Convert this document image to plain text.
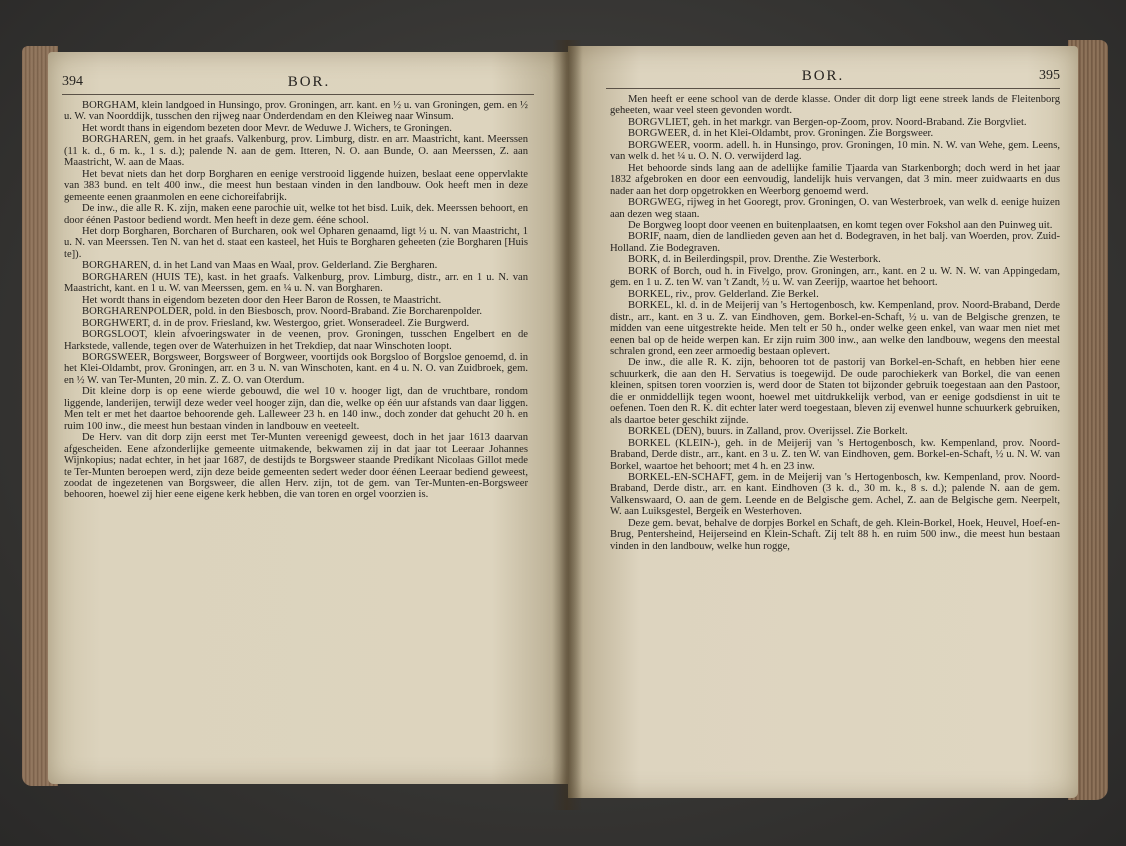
394	BOR.

BORGHAM, klein landgoed in Hunsingo, prov. Groningen, arr. kant. en ½ u. van Groningen, gem. en ½ u. W. van Noorddijk, tusschen den rijweg naar Onderdendam en den Kleiweg naar Winsum.

Het wordt thans in eigendom bezeten door Mevr. de Weduwe J. Wichers, te Groningen.

BORGHAREN, gem. in het graafs. Valkenburg, prov. Limburg, distr. en arr. Maastricht, kant. Meerssen (11 k. d., 6 m. k., 1 s. d.); palende N. aan de gem. Itteren, N. O. aan Bunde, O. aan Meerssen, Z. aan Maastricht, W. aan de Maas.

Het bevat niets dan het dorp Borgharen en eenige verstrooid liggende huizen, beslaat eene oppervlakte van 383 bund. en telt 400 inw., die meest hun bestaan vinden in den landbouw. Ook heeft men in deze gemeente eenen graanmolen en eene cichoreifabrijk.

De inw., die alle R. K. zijn, maken eene parochie uit, welke tot het bisd. Luik, dek. Meerssen behoort, en door éénen Pastoor bediend wordt. Men heeft in deze gem. ééne school.

Het dorp Borgharen, Borcharen of Burcharen, ook wel Opharen genaamd, ligt ½ u. N. van Maastricht, 1 u. N. van Meerssen. Ten N. van het d. staat een kasteel, het Huis te Borgharen geheeten (zie Borgharen [Huis te]).

BORGHAREN, d. in het Land van Maas en Waal, prov. Gelderland. Zie Bergharen.

BORGHAREN (HUIS TE), kast. in het graafs. Valkenburg, prov. Limburg, distr., arr. en 1 u. N. van Maastricht, kant. en 1 u. W. van Meerssen, gem. en ¼ u. N. van Borgharen.

Het wordt thans in eigendom bezeten door den Heer Baron de Rossen, te Maastricht.

BORGHARENPOLDER, pold. in den Biesbosch, prov. Noord-Braband. Zie Borcharenpolder.

BORGHWERT, d. in de prov. Friesland, kw. Westergoo, griet. Wonseradeel. Zie Burgwerd.

BORGSLOOT, klein afvoeringswater in de veenen, prov. Groningen, tusschen Engelbert en de Harkstede, vallende, tegen over de Waterhuizen in het Trekdiep, dat naar Winschoten loopt.

BORGSWEER, Borgsweer, Borgsweer of Borgweer, voortijds ook Borgsloo of Borgsloe genoemd, d. in het Klei-Oldambt, prov. Groningen, arr. en 3 u. N. van Winschoten, kant. en 4 u. N. O. van Zuidbroek, gem. en ½ W. van Ter-Munten, 20 min. Z. Z. O. van Oterdum.

Dit kleine dorp is op eene wierde gebouwd, die wel 10 v. hooger ligt, dan de vruchtbare, rondom liggende, landerijen, terwijl deze weder veel hooger zijn, dan die, welke op één uur afstands van daar liggen. Men telt er met het daartoe behoorende geh. Lalleweer 23 h. en 140 inw., doch zonder dat gehucht 20 h. en ruim 100 inw., die meest hun bestaan vinden in landbouw en veeteelt.

De Herv. van dit dorp zijn eerst met Ter-Munten vereenigd geweest, doch in het jaar 1613 daarvan afgescheiden. Eene afzonderlijke gemeente uitmakende, bekwamen zij in dat jaar tot Leeraar Johannes Wijnkopius; nadat echter, in het jaar 1687, de destijds te Borgsweer staande Predikant Nicolaas Gillot mede te Ter-Munten beroepen werd, zijn deze beide gemeenten sedert weder door éénen Leeraar bediend geweest, zoodat de ingezetenen van Borgsweer, die allen Herv. zijn, tot de gem. van Ter-Munten-en-Borgsweer behooren, hoewel zij hier eene eigene kerk hebben, die van toren en orgel voorzien is.

BOR.	395

Men heeft er eene school van de derde klasse. Onder dit dorp ligt eene streek lands de Fleitenborg geheeten, waar veel steen gevonden wordt.

BORGVLIET, geh. in het markgr. van Bergen-op-Zoom, prov. Noord-Braband. Zie Borgvliet.

BORGWEER, d. in het Klei-Oldambt, prov. Groningen. Zie Borgsweer.

BORGWEER, voorm. adell. h. in Hunsingo, prov. Groningen, 10 min. N. W. van Wehe, gem. Leens, van welk d. het ¼ u. O. N. O. verwijderd lag.

Het behoorde sinds lang aan de adellijke familie Tjaarda van Starkenborgh; doch werd in het jaar 1832 afgebroken en door een eenvoudig, landelijk huis vervangen, dat 3 min. meer zuidwaarts en dus nader aan het dorp opgetrokken en Weerborg genoemd werd.

BORGWEG, rijweg in het Gooregt, prov. Groningen, O. van Westerbroek, van welk d. eenige huizen aan dezen weg staan.

De Borgweg loopt door veenen en buitenplaatsen, en komt tegen over Fokshol aan den Puinweg uit.

BORIF, naam, dien de landlieden geven aan het d. Bodegraven, in het balj. van Woerden, prov. Zuid-Holland. Zie Bodegraven.

BORK, d. in Beilerdingspil, prov. Drenthe. Zie Westerbork.

BORK of Borch, oud h. in Fivelgo, prov. Groningen, arr., kant. en 2 u. W. N. W. van Appingedam, gem. en 1 u. Z. ten W. van 't Zandt, ½ u. W. van Zeerijp, waartoe het behoort.

BORKEL, riv., prov. Gelderland. Zie Berkel.

BORKEL, kl. d. in de Meijerij van 's Hertogenbosch, kw. Kempenland, prov. Noord-Braband, Derde distr., arr., kant. en 3 u. Z. van Eindhoven, gem. Borkel-en-Schaft, ½ u. van de Belgische grenzen, te midden van eene uitgestrekte heide. Men telt er 50 h., onder welke geen enkel, van waar men niet met eenen bal op de heide werpen kan. Er zijn ruim 300 inw., aan welke den landbouw, wegens den meestal schralen grond, een zeer armoedig bestaan oplevert.

De inw., die alle R. K. zijn, behooren tot de pastorij van Borkel-en-Schaft, en hebben hier eene schuurkerk, die aan den H. Servatius is toegewijd. De oude parochiekerk van Borkel, die van eenen kleinen, spitsen toren voorzien is, werd door de Staten tot bijzonder gebruik toegestaan aan den Pastoor, die er onmiddellijk tegen woont, hoewel met uitdrukkelijk verbod, van er eenige godsdienst in uit te oefenen. Toen den R. K. dit echter later werd toegestaan, bleven zij evenwel hunne schuurkerk gebruiken, als daartoe beter geschikt zijnde.

BORKEL (DEN), buurs. in Zalland, prov. Overijssel. Zie Borkelt.

BORKEL (KLEIN-), geh. in de Meijerij van 's Hertogenbosch, kw. Kempenland, prov. Noord-Braband, Derde distr., arr., kant. en 3 u. Z. ten W. van Eindhoven, gem. Borkel-en-Schaft, ½ u. N. W. van Borkel, waartoe het behoort; met 4 h. en 23 inw.

BORKEL-EN-SCHAFT, gem. in de Meijerij van 's Hertogenbosch, kw. Kempenland, prov. Noord-Braband, Derde distr., arr. en kant. Eindhoven (3 k. d., 30 m. k., 8 s. d.); palende N. aan de gem. Valkenswaard, O. aan de gem. Leende en de Belgische gem. Achel, Z. aan de Belgische gem. Neerpelt, W. aan Luiksgestel, Bergeik en Westerhoven.

Deze gem. bevat, behalve de dorpjes Borkel en Schaft, de geh. Klein-Borkel, Hoek, Heuvel, Hoef-en-Brug, Pentersheind, Heijerseind en Klein-Schaft. Zij telt 88 h. en ruim 500 inw., die meest hun bestaan vinden in den landbouw, welke hun rogge,
